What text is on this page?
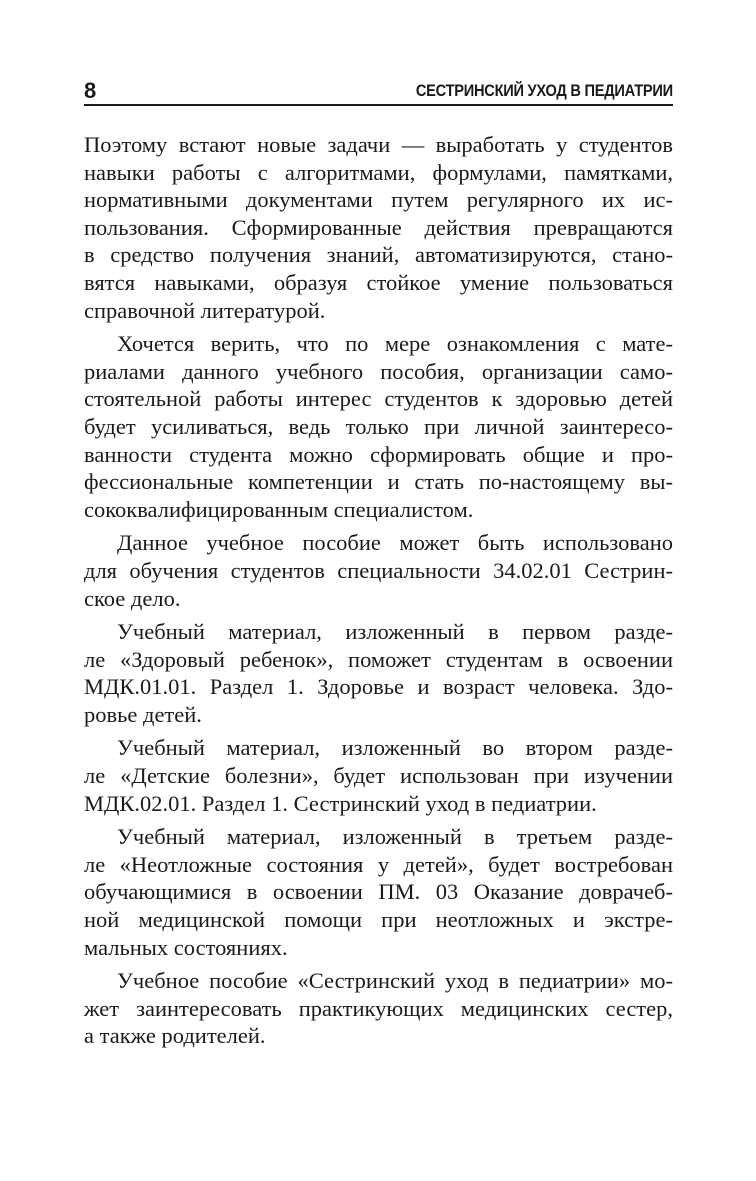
8	СЕСТРИНСКИЙ УХОД В ПЕДИАТРИИ
Поэтому встают новые задачи — выработать у студентов
навыки работы с алгоритмами, формулами, памятками,
нормативными документами путем регулярного их ис-
пользования. Сформированные действия превращаются
в средство получения знаний, автоматизируются, стано-
вятся навыками, образуя стойкое умение пользоваться
справочной литературой.
Хочется верить, что по мере ознакомления с мате-
риалами данного учебного пособия, организации само-
стоятельной работы интерес студентов к здоровью детей
будет усиливаться, ведь только при личной заинтересо-
ванности студента можно сформировать общие и про-
фессиональные компетенции и стать по-настоящему вы-
сококвалифицированным специалистом.
Данное учебное пособие может быть использовано
для обучения студентов специальности 34.02.01 Сестрин-
ское дело.
Учебный материал, изложенный в первом разде-
ле «Здоровый ребенок», поможет студентам в освоении
МДК.01.01. Раздел 1. Здоровье и возраст человека. Здо-
ровье детей.
Учебный материал, изложенный во втором разде-
ле «Детские болезни», будет использован при изучении
МДК.02.01. Раздел 1. Сестринский уход в педиатрии.
Учебный материал, изложенный в третьем разде-
ле «Неотложные состояния у детей», будет востребован
обучающимися в освоении ПМ. 03 Оказание доврачеб-
ной медицинской помощи при неотложных и экстре-
мальных состояниях.
Учебное пособие «Сестринский уход в педиатрии» мо-
жет заинтересовать практикующих медицинских сестер,
а также родителей.
